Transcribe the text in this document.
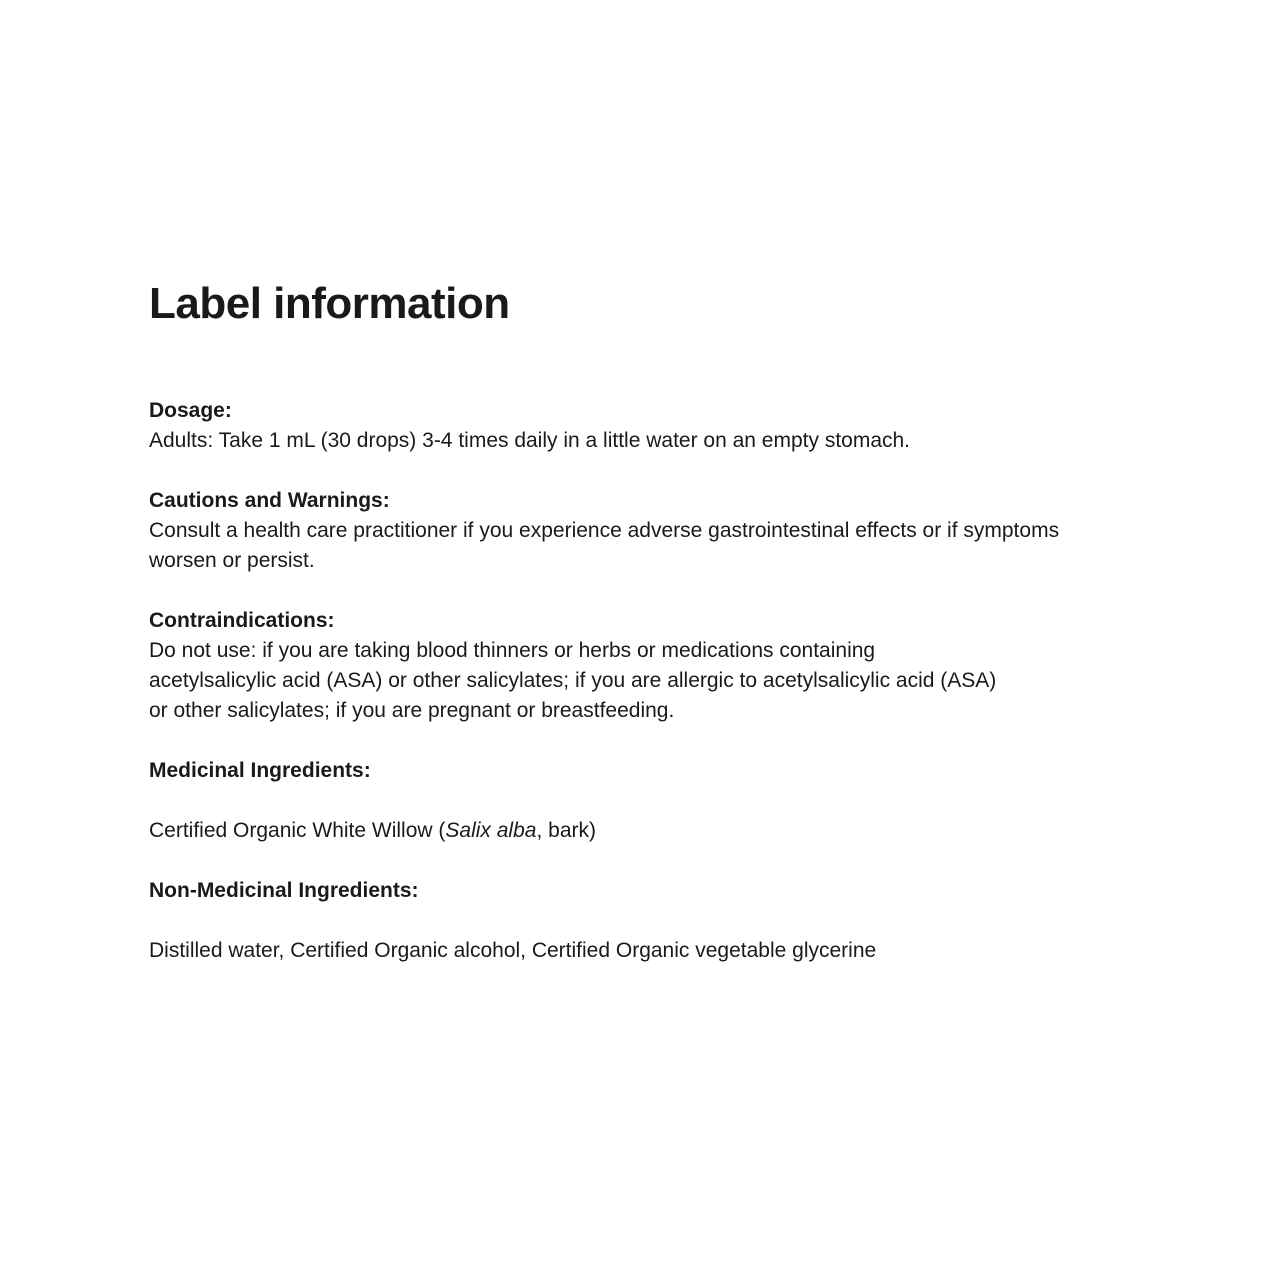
Label information

Dosage:

Adults: Take 1 mL (30 drops) 3-4 times daily in a little water on an empty stomach.

Cautions and Warnings:

Consult a health care practitioner if you experience adverse gastrointestinal effects or if symptoms
worsen or persist.

Contraindications:

Do not use: if you are taking blood thinners or herbs or medications containing
acetylsalicylic acid (ASA) or other salicylates; if you are allergic to acetylsalicylic acid (ASA)
or other salicylates; if you are pregnant or breastfeeding.

Medicinal Ingredients:

Certified Organic White Willow (Salix alba, bark)

Non-Medicinal Ingredients:

Distilled water, Certified Organic alcohol, Certified Organic vegetable glycerine
